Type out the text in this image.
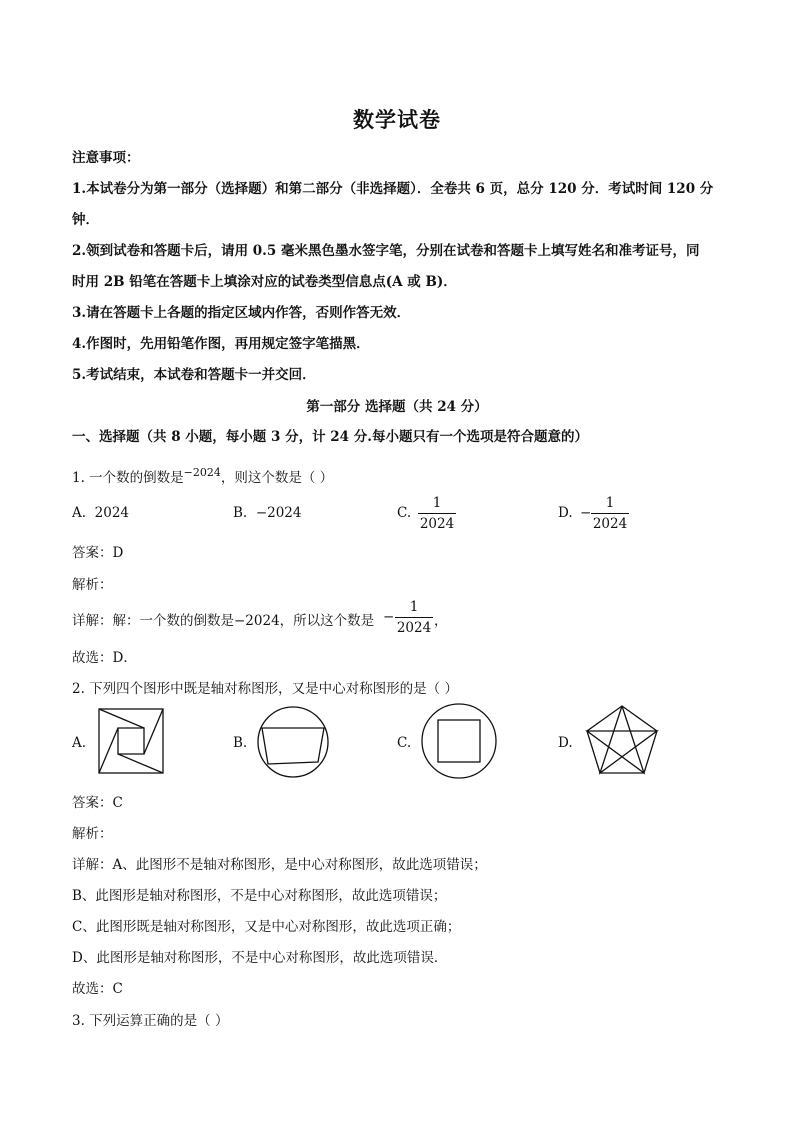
数学试卷
注意事项：
1.本试卷分为第一部分（选择题）和第二部分（非选择题）．全卷共 6 页，总分 120 分．考试时间 120 分
钟．
2.领到试卷和答题卡后，请用 0.5 毫米黑色墨水签字笔，分别在试卷和答题卡上填写姓名和准考证号，同
时用 2B 铅笔在答题卡上填涂对应的试卷类型信息点(A 或 B)．
3.请在答题卡上各题的指定区域内作答，否则作答无效．
4.作图时，先用铅笔作图，再用规定签字笔描黑．
5.考试结束，本试卷和答题卡一并交回．
第一部分 选择题（共 24 分）
一、选择题（共 8 小题，每小题 3 分，计 24 分.每小题只有一个选项是符合题意的）
1. 一个数的倒数是$^{-2024}$，则这个数是（ ）
A. 2024	B. −2024	C.
1
2024
D. −
1
2024
答案：D
解析：
详解：解：一个数的倒数是−2024，所以这个数是 −
1
2024 ，
故选：D．
2. 下列四个图形中既是轴对称图形，又是中心对称图形的是（ ）
A.	B.	C.	D.
答案：C
解析：
详解：A、此图形不是轴对称图形，是中心对称图形，故此选项错误；
B、此图形是轴对称图形，不是中心对称图形，故此选项错误；
C、此图形既是轴对称图形，又是中心对称图形，故此选项正确；
D、此图形是轴对称图形，不是中心对称图形，故此选项错误．
故选：C
3. 下列运算正确的是（ ）
